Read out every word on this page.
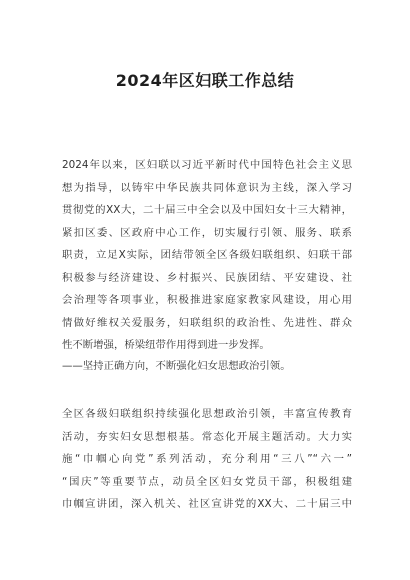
2024年区妇联工作总结
2024年以来，区妇联以习近平新时代中国特色社会主义思
想为指导，以铸牢中华民族共同体意识为主线，深入学习
贯彻党的XX大，二十届三中全会以及中国妇女十三大精神，
紧扣区委、区政府中心工作，切实履行引领、服务、联系
职责，立足X实际，团结带领全区各级妇联组织、妇联干部
积极参与经济建设、乡村振兴、民族团结、平安建设、社
会治理等各项事业，积极推进家庭家教家风建设，用心用
情做好维权关爱服务，妇联组织的政治性、先进性、群众
性不断增强，桥梁纽带作用得到进一步发挥。
——坚持正确方向，不断强化妇女思想政治引领。
全区各级妇联组织持续强化思想政治引领，丰富宣传教育
活动，夯实妇女思想根基。常态化开展主题活动。大力实
施“巾帼心向党”系列活动，充分利用“三八”“六一”
“国庆”等重要节点，动员全区妇女党员干部，积极组建
巾帼宣讲团，深入机关、社区宣讲党的XX大、二十届三中
